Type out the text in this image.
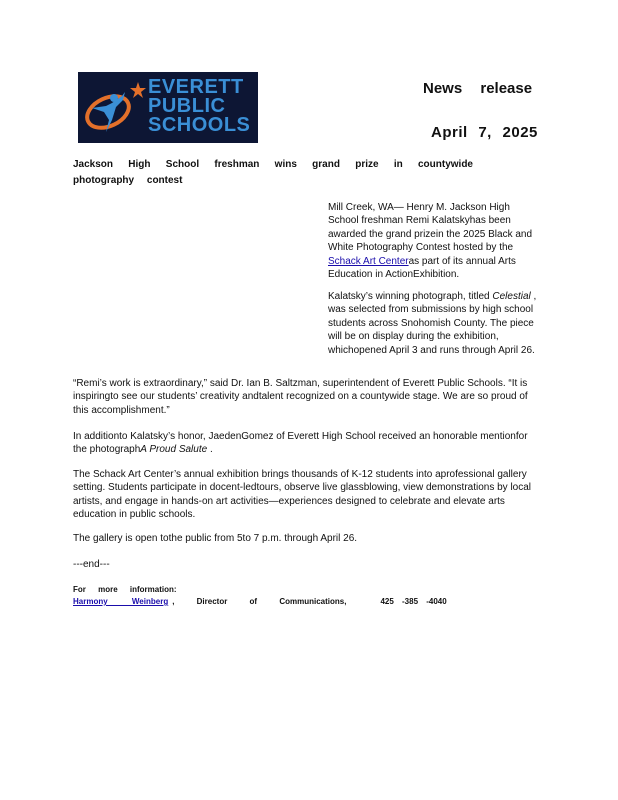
EVERETT
PUBLIC
SCHOOLS
News release
April 7, 2025
Jackson High School freshman wins grand prize in countywide photography contest

Mill Creek, WA— Henry M. Jackson High School freshman Remi Kalatskyhas been awarded the grand prizein the 2025 Black and White Photography Contest hosted by the Schack Art Centeras part of its annual Arts Education in ActionExhibition.

Kalatsky’s winning photograph, titled Celestial , was selected from submissions by high school students across Snohomish County. The piece will be on display during the exhibition, whichopened April 3 and runs through April 26.

“Remi’s work is extraordinary,” said Dr. Ian B. Saltzman, superintendent of Everett Public Schools. “It is inspiringto see our students’ creativity andtalent recognized on a countywide stage. We are so proud of this accomplishment.”

In additionto Kalatsky’s honor, JaedenGomez of Everett High School received an honorable mentionfor the photographA Proud Salute .

The Schack Art Center’s annual exhibition brings thousands of K-12 students into aprofessional gallery setting. Students participate in docent-ledtours, observe live glassblowing, view demonstrations by local artists, and engage in hands-on art activities—experiences designed to celebrate and elevate arts education in public schools.

The gallery is open tothe public from 5to 7 p.m. through April 26.

---end---
For more information:
Harmony Weinberg , Director of Communications,	425 -385 -4040
